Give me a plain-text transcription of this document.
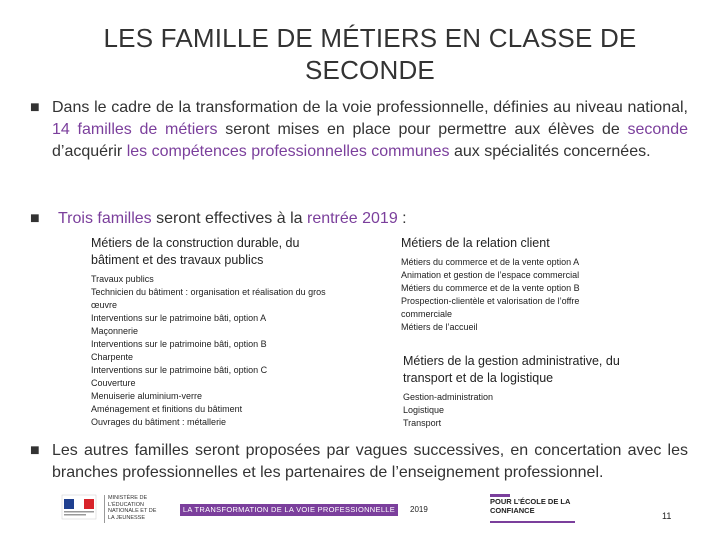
LES FAMILLE DE MÉTIERS EN CLASSE DE SECONDE
■ Dans le cadre de la transformation de la voie professionnelle, définies au niveau national, 14 familles de métiers seront mises en place pour permettre aux élèves de seconde d’acquérir les compétences professionnelles communes aux spécialités concernées.
■ Trois familles seront effectives à la rentrée 2019 :
Métiers de la construction durable, du bâtiment et des travaux publics
Travaux publics
Technicien du bâtiment : organisation et réalisation du gros œuvre
Interventions sur le patrimoine bâti, option A
Maçonnerie
Interventions sur le patrimoine bâti, option B
Charpente
Interventions sur le patrimoine bâti, option C
Couverture
Menuiserie aluminium-verre
Aménagement et finitions du bâtiment
Ouvrages du bâtiment : métallerie
Métiers de la relation client
Métiers du commerce et de la vente option A
Animation et gestion de l’espace commercial
Métiers du commerce et de la vente option B
Prospection-clientèle et valorisation de l’offre commerciale
Métiers de l’accueil
Métiers de la gestion administrative, du transport et de la logistique
Gestion-administration
Logistique
Transport
■ Les autres familles seront proposées par vagues successives, en concertation avec les branches professionnelles et les partenaires de l’enseignement professionnel.
MINISTÈRE DE L’ÉDUCATION NATIONALE ET DE LA JEUNESSE
LA TRANSFORMATION DE LA VOIE PROFESSIONNELLE	2019
POUR L’ÉCOLE DE LA CONFIANCE
11
